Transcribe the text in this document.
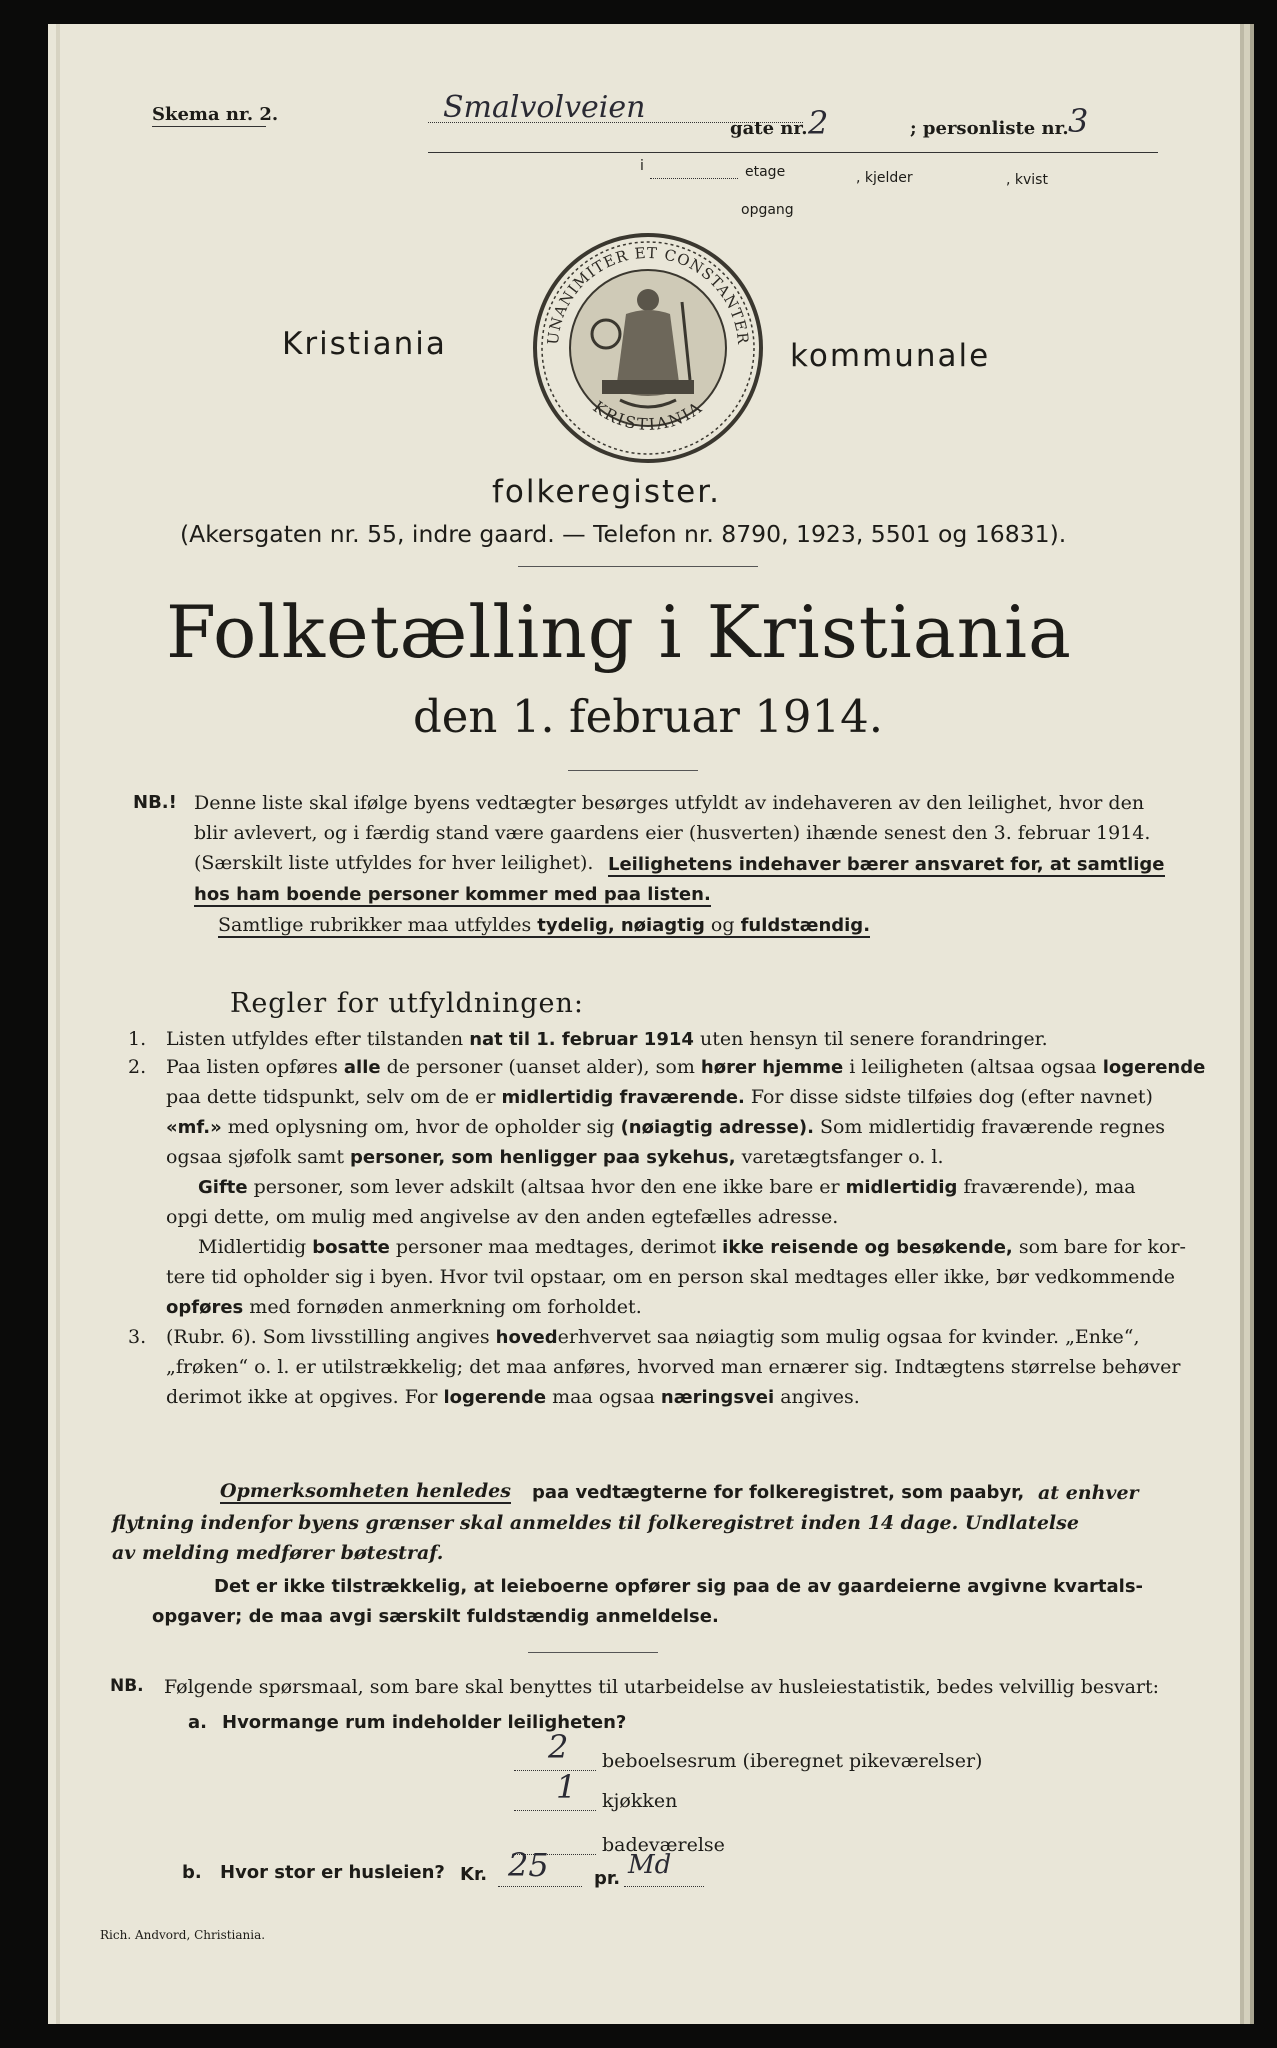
Skema nr. 2.	Smalvolveien
gate nr. 2	; personliste nr. 3
i	etage	, kjelder	, kvist
opgang
UNANIMITER ET CONSTANTER
KRISTIANIA
Kristiania	kommunale
folkeregister.
(Akersgaten nr. 55, indre gaard. — Telefon nr. 8790, 1923, 5501 og 16831).
Folketælling i Kristiania
den 1. februar 1914.
NB.! Denne liste skal ifølge byens vedtægter besørges utfyldt av indehaveren av den leilighet, hvor den
blir avlevert, og i færdig stand være gaardens eier (husverten) ihænde senest den 3. februar 1914.
(Særskilt liste utfyldes for hver leilighet). Leilighetens indehaver bærer ansvaret for, at samtlige
hos ham boende personer kommer med paa listen.
Samtlige rubrikker maa utfyldes tydelig, nøiagtig og fuldstændig.
Regler for utfyldningen:
1. Listen utfyldes efter tilstanden nat til 1. februar 1914 uten hensyn til senere forandringer.
2. Paa listen opføres alle de personer (uanset alder), som hører hjemme i leiligheten (altsaa ogsaa logerende
paa dette tidspunkt, selv om de er midlertidig fraværende. For disse sidste tilføies dog (efter navnet)
«mf.» med oplysning om, hvor de opholder sig (nøiagtig adresse). Som midlertidig fraværende regnes
ogsaa sjøfolk samt personer, som henligger paa sykehus, varetægtsfanger o. l.
Gifte personer, som lever adskilt (altsaa hvor den ene ikke bare er midlertidig fraværende), maa
opgi dette, om mulig med angivelse av den anden egtefælles adresse.
Midlertidig bosatte personer maa medtages, derimot ikke reisende og besøkende, som bare for kor-
tere tid opholder sig i byen. Hvor tvil opstaar, om en person skal medtages eller ikke, bør vedkommende
opføres med fornøden anmerkning om forholdet.
3. (Rubr. 6). Som livsstilling angives hovederhvervet saa nøiagtig som mulig ogsaa for kvinder. „Enke“,
„frøken“ o. l. er utilstrækkelig; det maa anføres, hvorved man ernærer sig. Indtægtens størrelse behøver
derimot ikke at opgives. For logerende maa ogsaa næringsvei angives.
Opmerksomheten henledes paa vedtægterne for folkeregistret, som paabyr, at enhver
flytning indenfor byens grænser skal anmeldes til folkeregistret inden 14 dage. Undlatelse
av melding medfører bøtestraf.
Det er ikke tilstrækkelig, at leieboerne opfører sig paa de av gaardeierne avgivne kvartals-
opgaver; de maa avgi særskilt fuldstændig anmeldelse.
NB. Følgende spørsmaal, som bare skal benyttes til utarbeidelse av husleiestatistik, bedes velvillig besvart:
a. Hvormange rum indeholder leiligheten?
2 beboelsesrum (iberegnet pikeværelser)
1 kjøkken
badeværelse
b. Hvor stor er husleien? Kr. 25	pr. Md
Rich. Andvord, Christiania.
